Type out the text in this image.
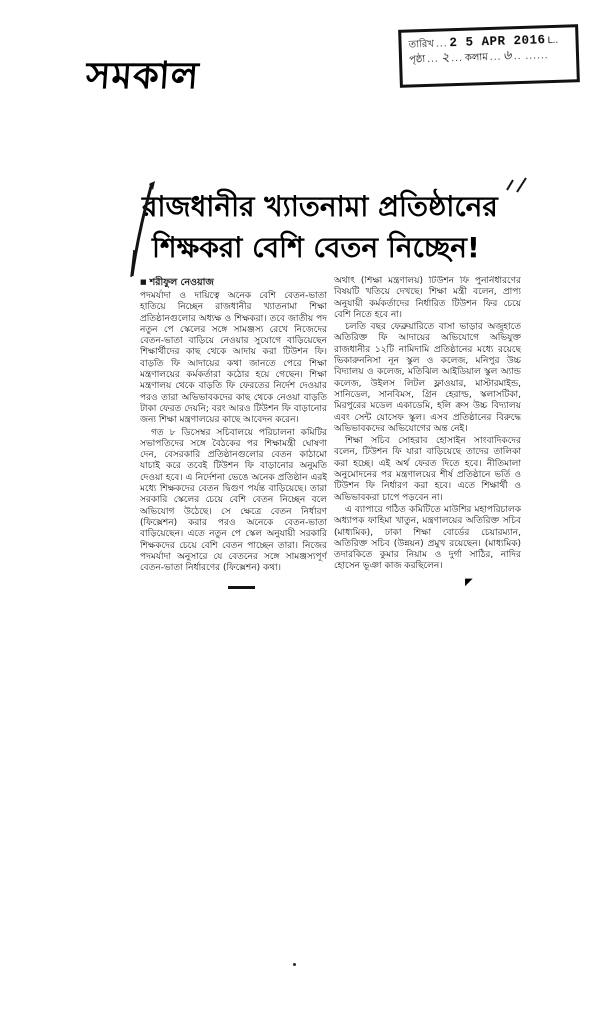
সমকাল
তারিখ ... 2 5 APR 2016 L..
পৃষ্ঠা ... ২ ... কলাম ... ৬ .. ......
রাজধানীর খ্যাতনামা প্রতিষ্ঠানের
শিক্ষকরা বেশি বেতন নিচ্ছেন!
■ শরীফুল নেওয়াজ

পদমর্যাদা ও দায়িত্বে অনেক বেশি বেতন-ভাতা হাতিয়ে নিচ্ছেন রাজধানীর খ্যাতনামা শিক্ষা প্রতিষ্ঠানগুলোর অধ্যক্ষ ও শিক্ষকরা। তবে জাতীয় পদ নতুন পে স্কেলের সঙ্গে সামঞ্জস্য রেখে নিজেদের বেতন-ভাতা বাড়িয়ে নেওয়ার সুযোগে বাড়িয়েছেন শিক্ষার্থীদের কাছ থেকে আদায় করা টিউশন ফি। বাড়তি ফি আদায়ের কথা জানতে পেরে শিক্ষা মন্ত্রণালয়ের কর্মকর্তারা কঠোর হয়ে গেছেন। শিক্ষা মন্ত্রণালয় থেকে বাড়তি ফি ফেরতের নির্দেশ দেওয়ার পরও তারা অভিভাবকদের কাছ থেকে নেওয়া বাড়তি টাকা ফেরত দেয়নি; বরং আরও টিউশন ফি বাড়ানোর জন্য শিক্ষা মন্ত্রণালয়ের কাছে আবেদন করেন।

গত ৮ ডিসেম্বর সচিবালয়ে পরিচালনা কমিটির সভাপতিদের সঙ্গে বৈঠকের পর শিক্ষামন্ত্রী ঘোষণা দেন, বেসরকারি প্রতিষ্ঠানগুলোর বেতন কাঠামো যাচাই করে তবেই টিউশন ফি বাড়ানোর অনুমতি দেওয়া হবে। এ নির্দেশনা ভেঙে অনেক প্রতিষ্ঠান এরই মধ্যে শিক্ষকদের বেতন দ্বিগুণ পর্যন্ত বাড়িয়েছে। তারা সরকারি স্কেলের চেয়ে বেশি বেতন নিচ্ছেন বলে অভিযোগ উঠেছে। সে ক্ষেত্রে বেতন নির্ধারণ (ফিক্সেশন) করার পরও অনেকে বেতন-ভাতা বাড়িয়েছেন। এতে নতুন পে স্কেল অনুযায়ী সরকারি শিক্ষকদের চেয়ে বেশি বেতন পাচ্ছেন তারা। নিজের পদমর্যাদা অনুসারে যে বেতনের সঙ্গে সামঞ্জস্যপূর্ণ বেতন-ভাতা নির্ধারণের (ফিক্সেশন) কথা।

অর্থাৎ (শিক্ষা মন্ত্রণালয়) টিউশন ফি পুনর্নির্ধারণের বিষয়টি খতিয়ে দেখছে। শিক্ষা মন্ত্রী বলেন, প্রাপ্য অনুযায়ী কর্মকর্তাদের নির্ধারিত টিউশন ফির চেয়ে বেশি নিতে হবে না।

চলতি বছর ফেব্রুয়ারিতে বাসা ভাড়ার অজুহাতে অতিরিক্ত ফি আদায়ের অভিযোগে অভিযুক্ত রাজধানীর ১২টি নামিদামি প্রতিষ্ঠানের মধ্যে রয়েছে ভিকারুননিসা নূন স্কুল ও কলেজ, মনিপুর উচ্চ বিদ্যালয় ও কলেজ, মতিঝিল আইডিয়াল স্কুল অ্যান্ড কলেজ, উইলস লিটল ফ্লাওয়ার, মাস্টারমাইন্ড, সানিডেল, সানবিমস, গ্রিন হেরাল্ড, স্কলাসটিকা, মিরপুরের মডেল একাডেমি, হলি ক্রস উচ্চ বিদ্যালয় এবং সেন্ট যোসেফ স্কুল। এসব প্রতিষ্ঠানের বিরুদ্ধে অভিভাবকদের অভিযোগের অন্ত নেই।

শিক্ষা সচিব সোহরাব হোসাইন সাংবাদিকদের বলেন, টিউশন ফি যারা বাড়িয়েছে তাদের তালিকা করা হচ্ছে। এই অর্থ ফেরত দিতে হবে। নীতিমালা অনুমোদনের পর মন্ত্রণালয়ের শীর্ষ প্রতিষ্ঠানে ভর্তি ও টিউশন ফি নির্ধারণ করা হবে। এতে শিক্ষার্থী ও অভিভাবকরা চাপে পড়বেন না।

এ ব্যাপারে গঠিত কমিটিতে মাউশির মহাপরিচালক অধ্যাপক ফাহিমা খাতুন, মন্ত্রণালয়ের অতিরিক্ত সচিব (মাধ্যমিক), ঢাকা শিক্ষা বোর্ডের চেয়ারম্যান, অতিরিক্ত সচিব (উন্নয়ন) প্রমুখ রয়েছেন। (মাধ্যমিক) তদারকিতে কুমার নিয়াম ও দুর্গা সাঠির, নাদির হোসেন ভূঞা কাজ করছিলেন।

◤
